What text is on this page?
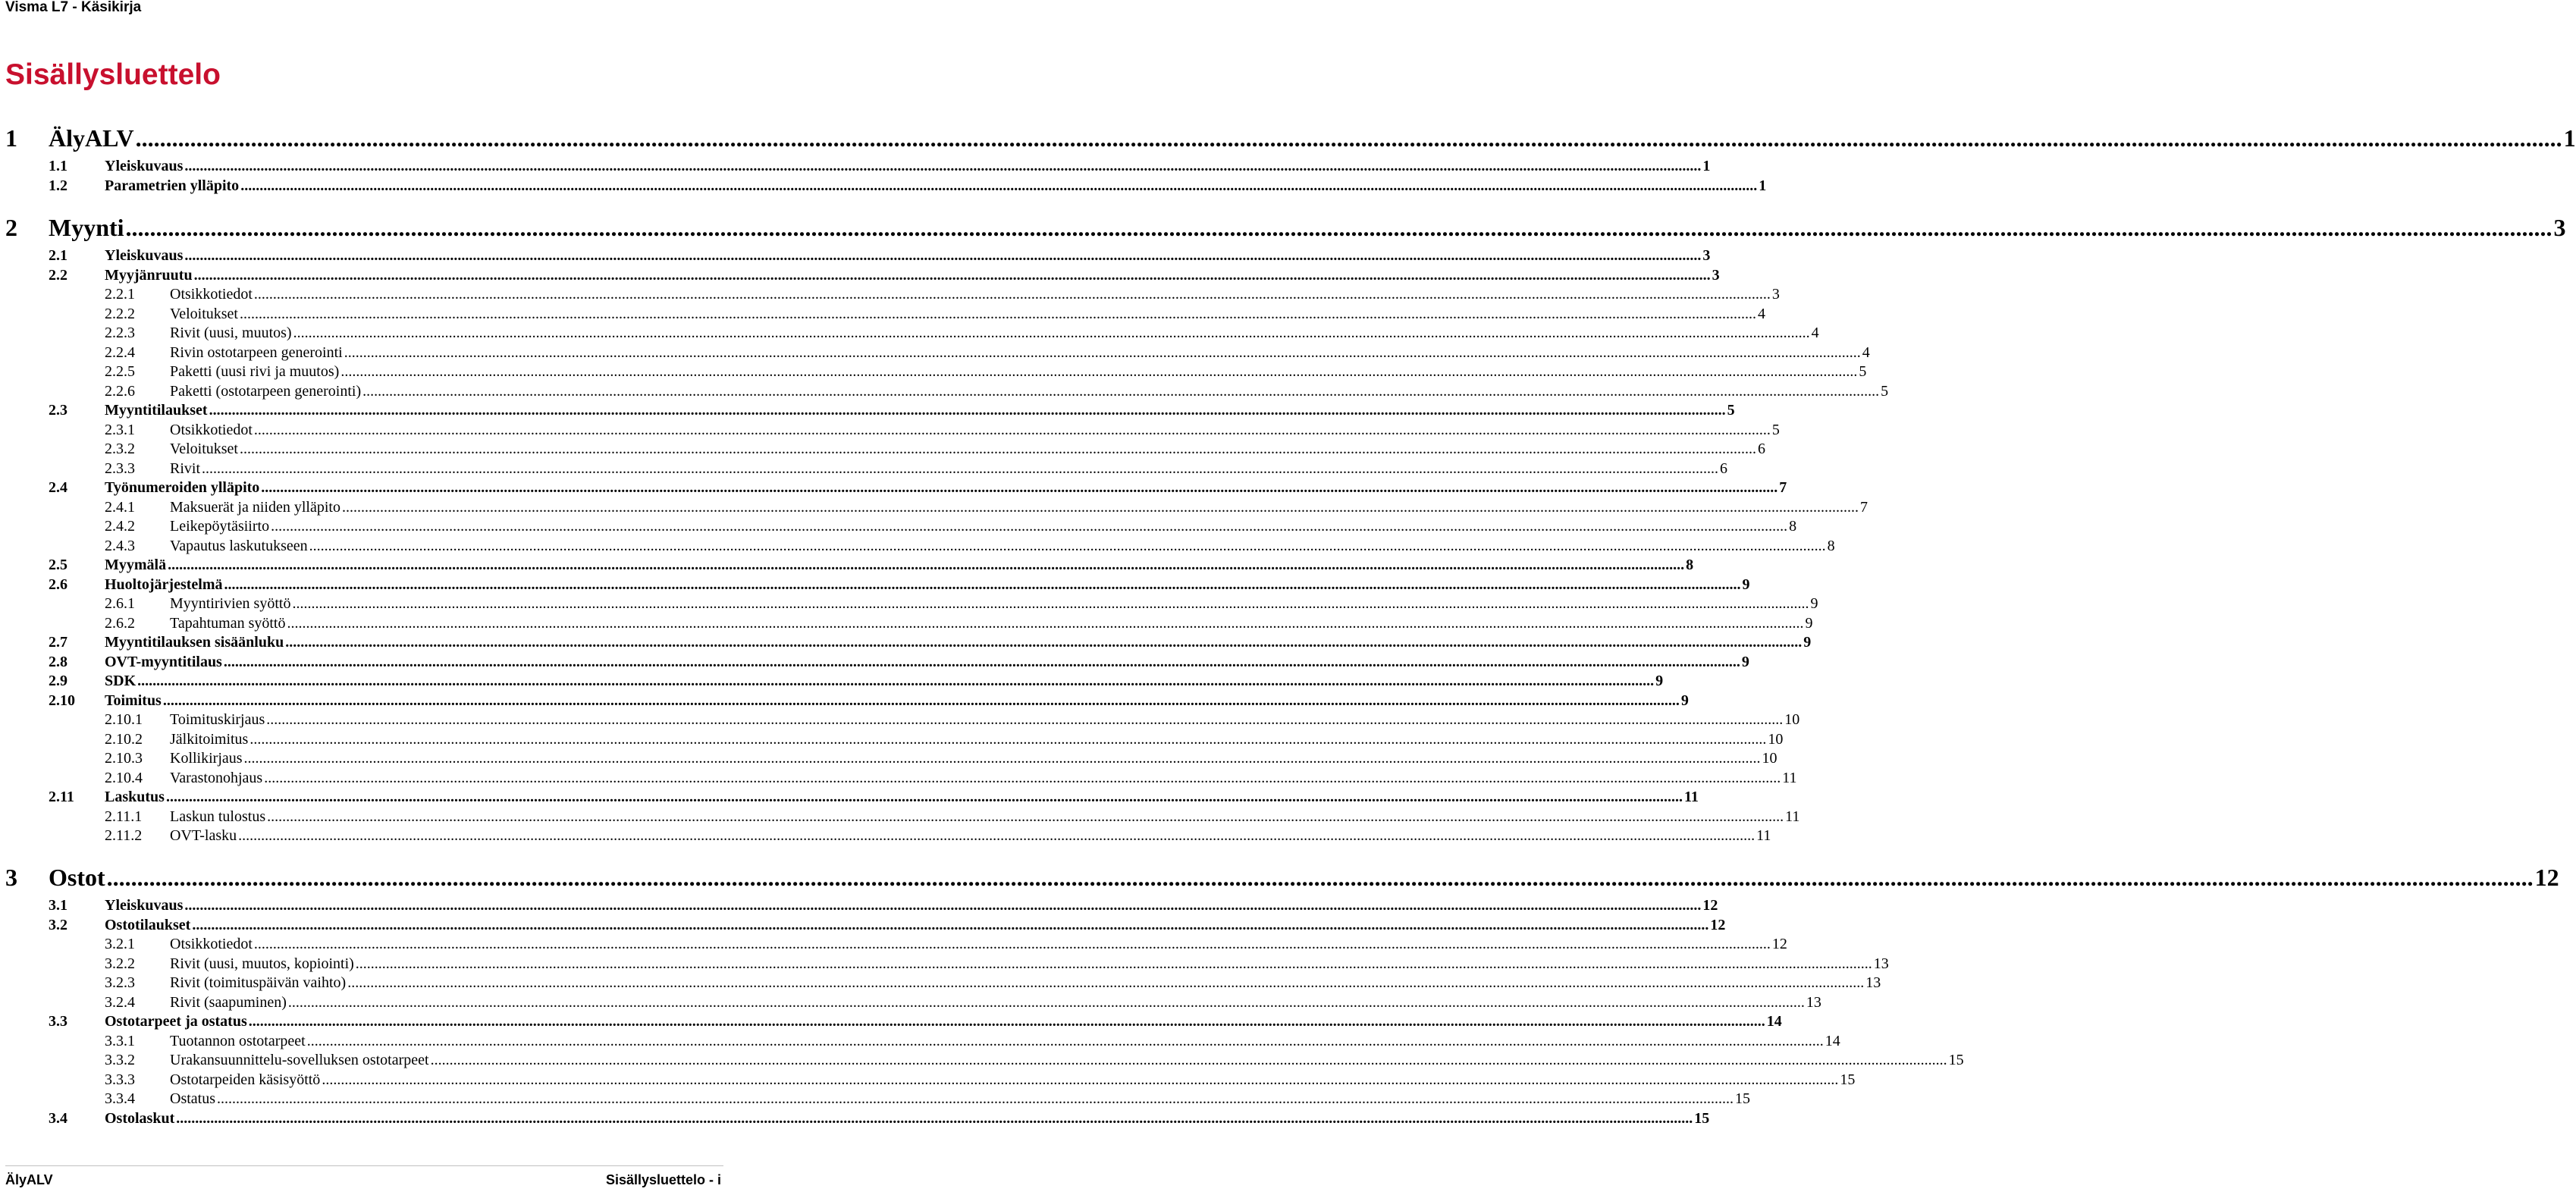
Visma L7 - Käsikirja
Sisällysluettelo
1 ÄlyALV ................................................................................................................................................................................................................................................................................................................................................................................................................ 1
1.1 Yleiskuvaus ................................................................................................................................................................................................................................................................................................................................................................................................................ 1
1.2 Parametrien ylläpito ................................................................................................................................................................................................................................................................................................................................................................................................................ 1
2 Myynti ................................................................................................................................................................................................................................................................................................................................................................................................................ 3
2.1 Yleiskuvaus ................................................................................................................................................................................................................................................................................................................................................................................................................ 3
2.2 Myyjänruutu ................................................................................................................................................................................................................................................................................................................................................................................................................ 3
2.2.1 Otsikkotiedot ................................................................................................................................................................................................................................................................................................................................................................................................................ 3
2.2.2 Veloitukset ................................................................................................................................................................................................................................................................................................................................................................................................................ 4
2.2.3 Rivit (uusi, muutos) ................................................................................................................................................................................................................................................................................................................................................................................................................ 4
2.2.4 Rivin ostotarpeen generointi ................................................................................................................................................................................................................................................................................................................................................................................................................ 4
2.2.5 Paketti (uusi rivi ja muutos) ................................................................................................................................................................................................................................................................................................................................................................................................................ 5
2.2.6 Paketti (ostotarpeen generointi) ................................................................................................................................................................................................................................................................................................................................................................................................................ 5
2.3 Myyntitilaukset ................................................................................................................................................................................................................................................................................................................................................................................................................ 5
2.3.1 Otsikkotiedot ................................................................................................................................................................................................................................................................................................................................................................................................................ 5
2.3.2 Veloitukset ................................................................................................................................................................................................................................................................................................................................................................................................................ 6
2.3.3 Rivit ................................................................................................................................................................................................................................................................................................................................................................................................................ 6
2.4 Työnumeroiden ylläpito ................................................................................................................................................................................................................................................................................................................................................................................................................ 7
2.4.1 Maksuerät ja niiden ylläpito ................................................................................................................................................................................................................................................................................................................................................................................................................ 7
2.4.2 Leikepöytäsiirto ................................................................................................................................................................................................................................................................................................................................................................................................................ 8
2.4.3 Vapautus laskutukseen ................................................................................................................................................................................................................................................................................................................................................................................................................ 8
2.5 Myymälä ................................................................................................................................................................................................................................................................................................................................................................................................................ 8
2.6 Huoltojärjestelmä ................................................................................................................................................................................................................................................................................................................................................................................................................ 9
2.6.1 Myyntirivien syöttö ................................................................................................................................................................................................................................................................................................................................................................................................................ 9
2.6.2 Tapahtuman syöttö ................................................................................................................................................................................................................................................................................................................................................................................................................ 9
2.7 Myyntitilauksen sisäänluku ................................................................................................................................................................................................................................................................................................................................................................................................................ 9
2.8 OVT-myyntitilaus ................................................................................................................................................................................................................................................................................................................................................................................................................ 9
2.9 SDK ................................................................................................................................................................................................................................................................................................................................................................................................................ 9
2.10 Toimitus ................................................................................................................................................................................................................................................................................................................................................................................................................ 9
2.10.1 Toimituskirjaus ................................................................................................................................................................................................................................................................................................................................................................................................................ 10
2.10.2 Jälkitoimitus ................................................................................................................................................................................................................................................................................................................................................................................................................ 10
2.10.3 Kollikirjaus ................................................................................................................................................................................................................................................................................................................................................................................................................ 10
2.10.4 Varastonohjaus ................................................................................................................................................................................................................................................................................................................................................................................................................ 11
2.11 Laskutus ................................................................................................................................................................................................................................................................................................................................................................................................................ 11
2.11.1 Laskun tulostus ................................................................................................................................................................................................................................................................................................................................................................................................................ 11
2.11.2 OVT-lasku ................................................................................................................................................................................................................................................................................................................................................................................................................ 11
3 Ostot ................................................................................................................................................................................................................................................................................................................................................................................................................ 12
3.1 Yleiskuvaus ................................................................................................................................................................................................................................................................................................................................................................................................................ 12
3.2 Ostotilaukset ................................................................................................................................................................................................................................................................................................................................................................................................................ 12
3.2.1 Otsikkotiedot ................................................................................................................................................................................................................................................................................................................................................................................................................ 12
3.2.2 Rivit (uusi, muutos, kopiointi) ................................................................................................................................................................................................................................................................................................................................................................................................................ 13
3.2.3 Rivit (toimituspäivän vaihto) ................................................................................................................................................................................................................................................................................................................................................................................................................ 13
3.2.4 Rivit (saapuminen) ................................................................................................................................................................................................................................................................................................................................................................................................................ 13
3.3 Ostotarpeet ja ostatus ................................................................................................................................................................................................................................................................................................................................................................................................................ 14
3.3.1 Tuotannon ostotarpeet ................................................................................................................................................................................................................................................................................................................................................................................................................ 14
3.3.2 Urakansuunnittelu-sovelluksen ostotarpeet ................................................................................................................................................................................................................................................................................................................................................................................................................ 15
3.3.3 Ostotarpeiden käsisyöttö ................................................................................................................................................................................................................................................................................................................................................................................................................ 15
3.3.4 Ostatus ................................................................................................................................................................................................................................................................................................................................................................................................................ 15
3.4 Ostolaskut ................................................................................................................................................................................................................................................................................................................................................................................................................ 15
ÄlyALV	Sisällysluettelo - i
